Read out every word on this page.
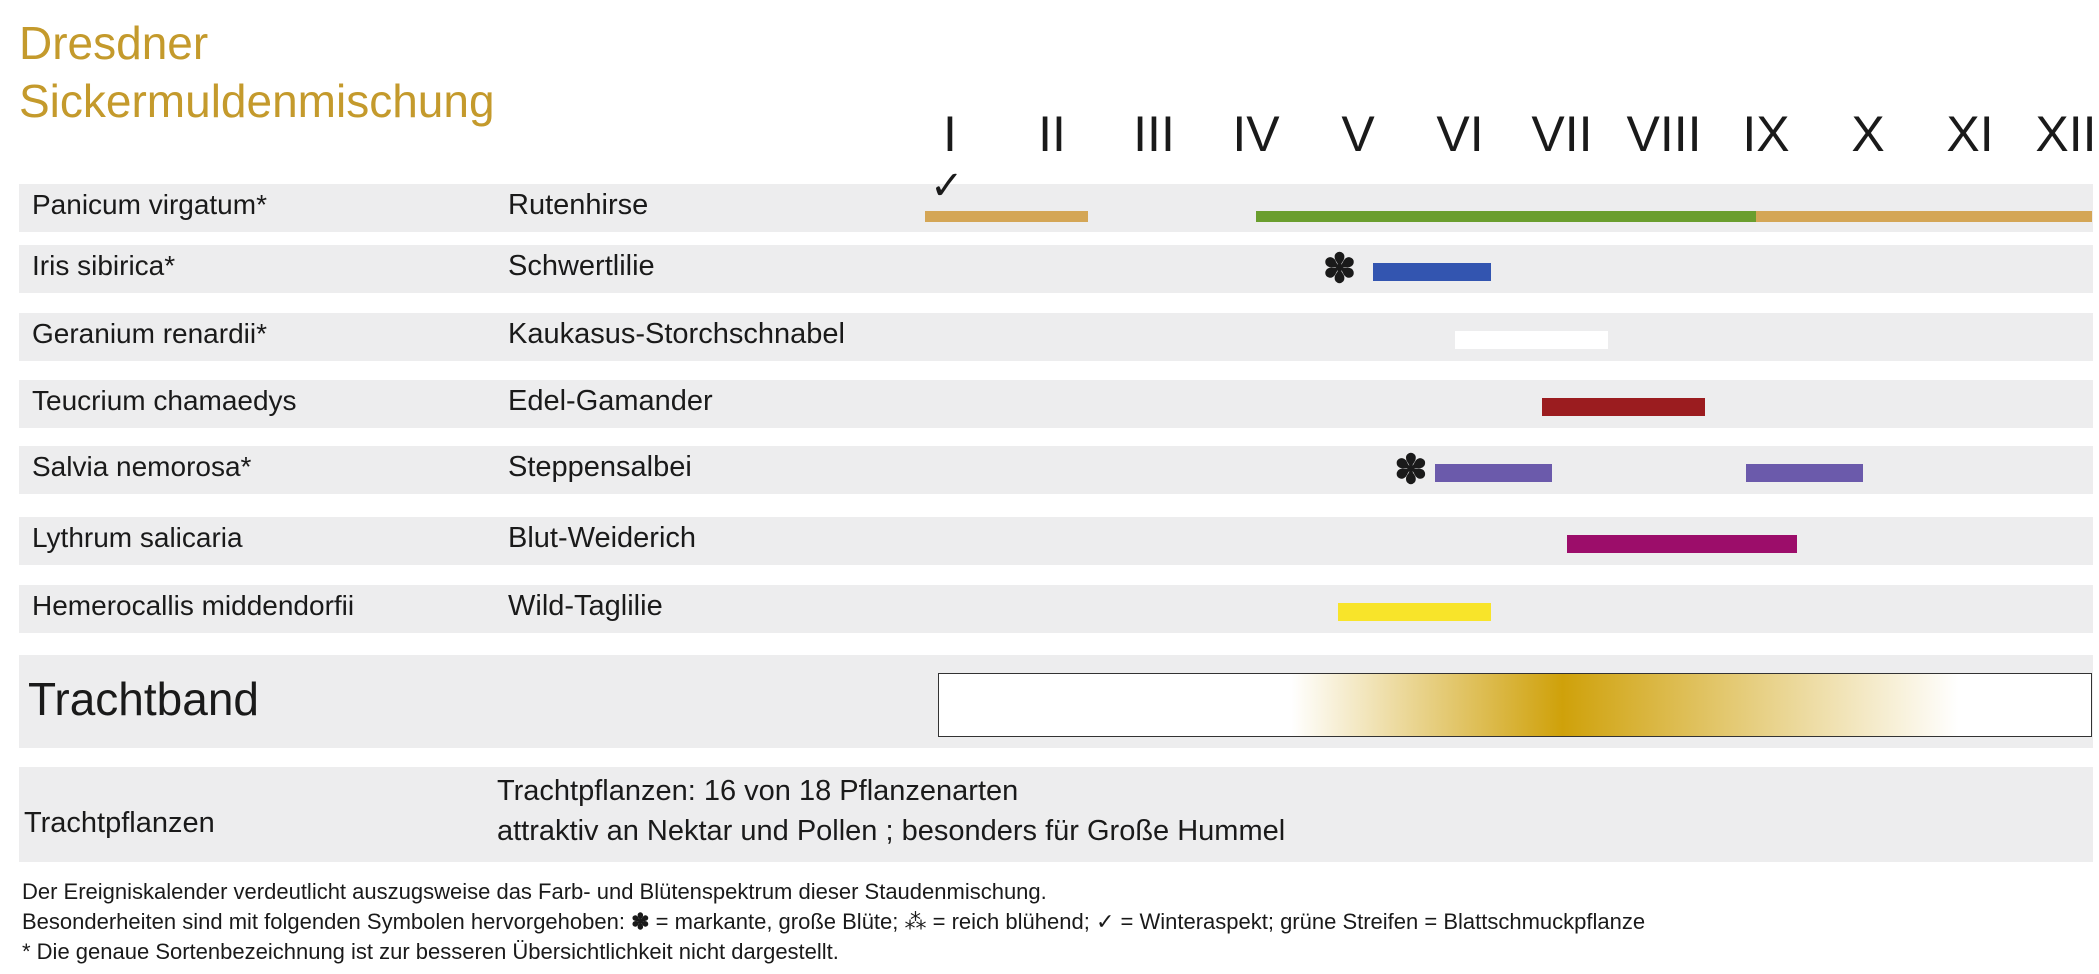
Dresdner
Sickermuldenmischung
I II III IV V VI VII VIII IX X XI XII
Panicum virgatum*	Rutenhirse	✓
Iris sibirica*	Schwertlilie	✽
Geranium renardii*	Kaukasus-Storchschnabel
Teucrium chamaedys	Edel-Gamander
Salvia nemorosa*	Steppensalbei	✽
Lythrum salicaria	Blut-Weiderich
Hemerocallis middendorfii	Wild-Taglilie
Trachtband
Trachtpflanzen
Trachtpflanzen: 16 von 18 Pflanzenarten
attraktiv an Nektar und Pollen ; besonders für Große Hummel
Der Ereigniskalender verdeutlicht auszugsweise das Farb- und Blütenspektrum dieser Staudenmischung.
Besonderheiten sind mit folgenden Symbolen hervorgehoben: ✽ = markante, große Blüte; ⁂ = reich blühend; ✓ = Winteraspekt; grüne Streifen = Blattschmuckpflanze
* Die genaue Sortenbezeichnung ist zur besseren Übersichtlichkeit nicht dargestellt.
